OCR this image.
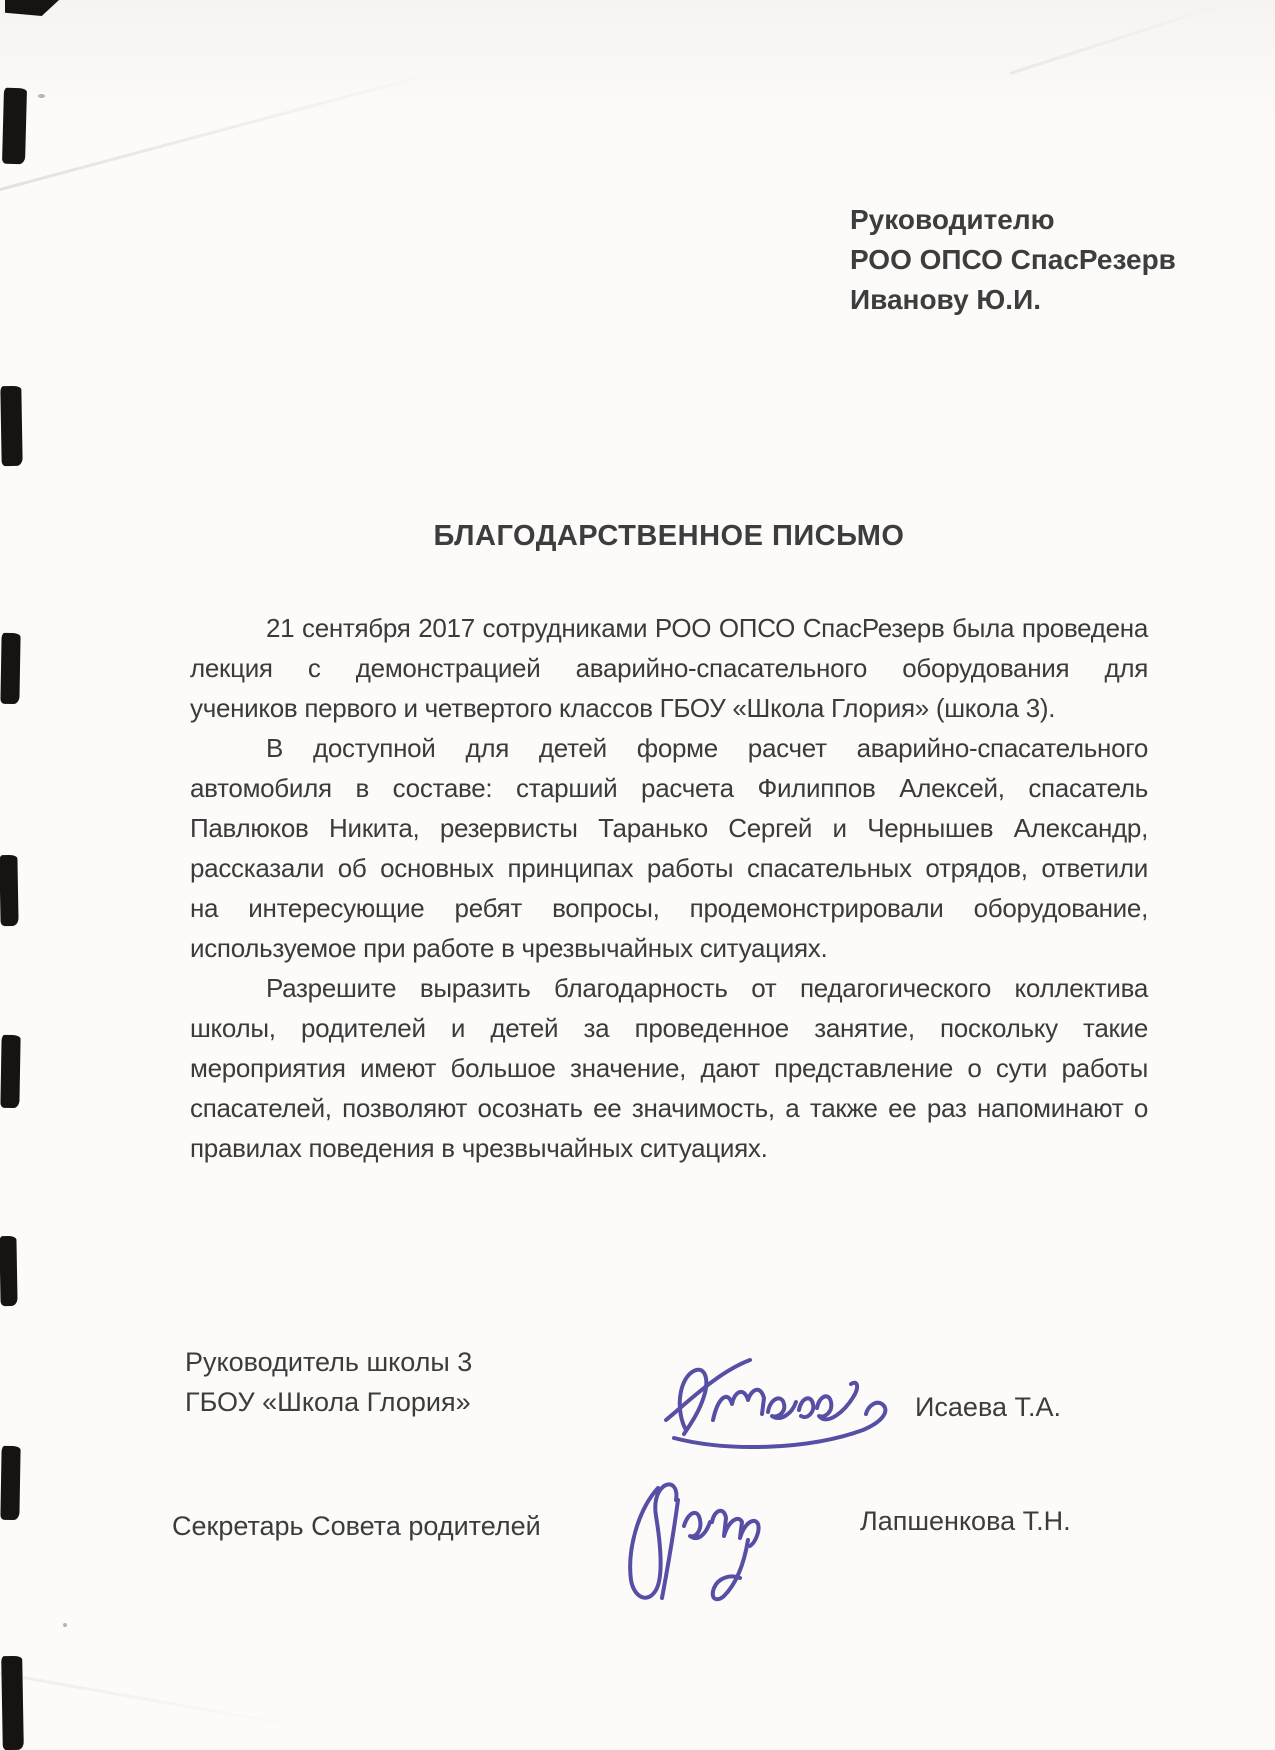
Руководителю
РОО ОПСО СпасРезерв
Иванову Ю.И.
БЛАГОДАРСТВЕННОЕ ПИСЬМО
21 сентября 2017 сотрудниками РОО ОПСО СпасРезерв была проведена
лекция с демонстрацией аварийно-спасательного оборудования для
учеников первого и четвертого классов ГБОУ «Школа Глория» (школа 3).
В доступной для детей форме расчет аварийно-спасательного
автомобиля в составе: старший расчета Филиппов Алексей, спасатель
Павлюков Никита, резервисты Таранько Сергей и Чернышев Александр,
рассказали об основных принципах работы спасательных отрядов, ответили
на интересующие ребят вопросы, продемонстрировали оборудование,
используемое при работе в чрезвычайных ситуациях.
Разрешите выразить благодарность от педагогического коллектива
школы, родителей и детей за проведенное занятие, поскольку такие
мероприятия имеют большое значение, дают представление о сути работы
спасателей, позволяют осознать ее значимость, а также ее раз напоминают о
правилах поведения в чрезвычайных ситуациях.
Руководитель школы 3
ГБОУ «Школа Глория»	Исаева Т.А.
Секретарь Совета родителей	Лапшенкова Т.Н.
